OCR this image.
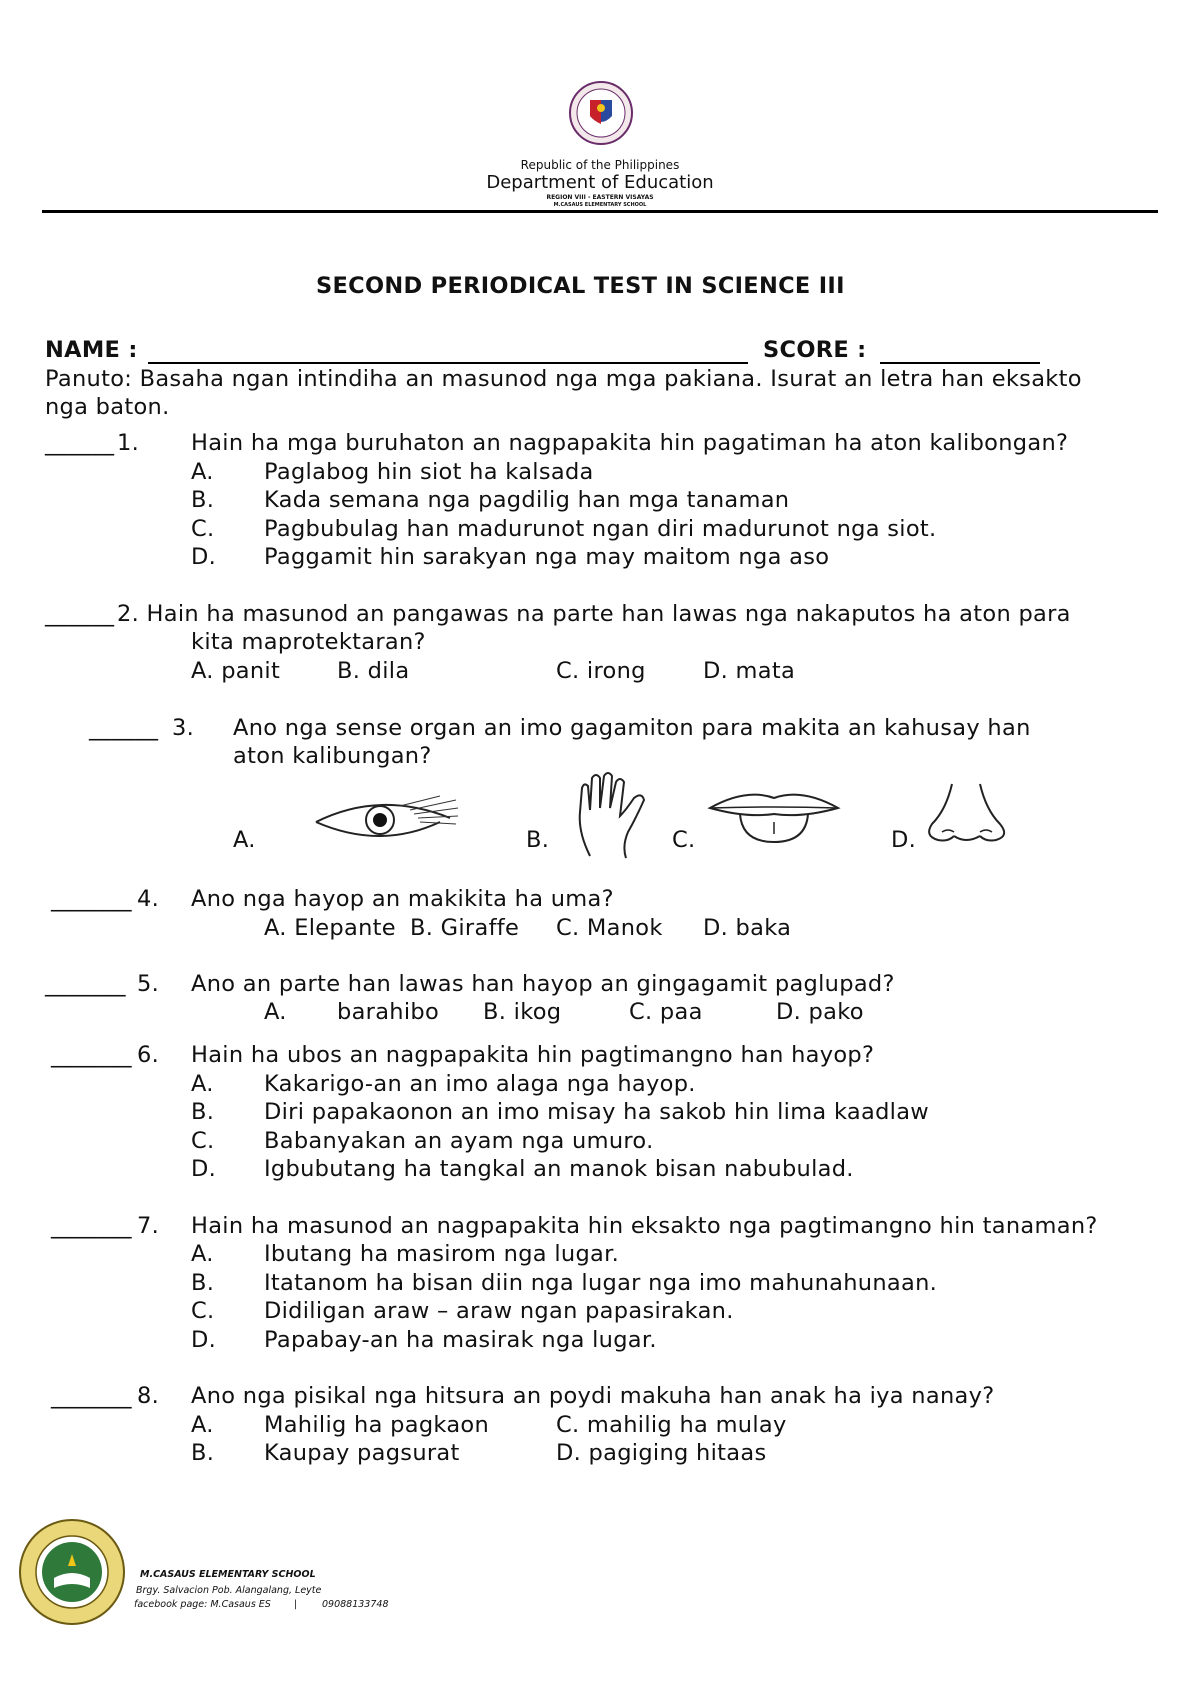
Republic of the Philippines
Department of Education
REGION VIII - EASTERN VISAYAS
M.CASAUS ELEMENTARY SCHOOL
SECOND PERIODICAL TEST IN SCIENCE III
NAME :	SCORE :
Panuto: Basaha ngan intindiha an masunod nga mga pakiana. Isurat an letra han eksakto
nga baton.
______ 1. Hain ha mga buruhaton an nagpapakita hin pagatiman ha aton kalibongan?
A. Paglabog hin siot ha kalsada
B. Kada semana nga pagdilig han mga tanaman
C. Pagbubulag han madurunot ngan diri madurunot nga siot.
D. Paggamit hin sarakyan nga may maitom nga aso
______ 2. Hain ha masunod an pangawas na parte han lawas nga nakaputos ha aton para
kita maprotektaran?
A. panit	B. dila	C. irong	D. mata
______ 3. Ano nga sense organ an imo gagamiton para makita an kahusay han
aton kalibungan?
A.	B.	C.	D.
_______ 4. Ano nga hayop an makikita ha uma?
A. Elepante B. Giraffe C. Manok D. baka
_______ 5. Ano an parte han lawas han hayop an gingagamit paglupad?
A. barahibo B. ikog	C. paa	D. pako
_______ 6. Hain ha ubos an nagpapakita hin pagtimangno han hayop?
A. Kakarigo-an an imo alaga nga hayop.
B. Diri papakaonon an imo misay ha sakob hin lima kaadlaw
C. Babanyakan an ayam nga umuro.
D. Igbubutang ha tangkal an manok bisan nabubulad.
_______ 7. Hain ha masunod an nagpapakita hin eksakto nga pagtimangno hin tanaman?
A. Ibutang ha masirom nga lugar.
B. Itatanom ha bisan diin nga lugar nga imo mahunahunaan.
C. Didiligan araw – araw ngan papasirakan.
D. Papabay-an ha masirak nga lugar.
_______ 8. Ano nga pisikal nga hitsura an poydi makuha han anak ha iya nanay?
A. Mahilig ha pagkaon	C. mahilig ha mulay
B. Kaupay pagsurat	D. pagiging hitaas
M.CASAUS ELEMENTARY SCHOOL
Brgy. Salvacion Pob. Alangalang, Leyte
facebook page: M.Casaus ES |	09088133748
